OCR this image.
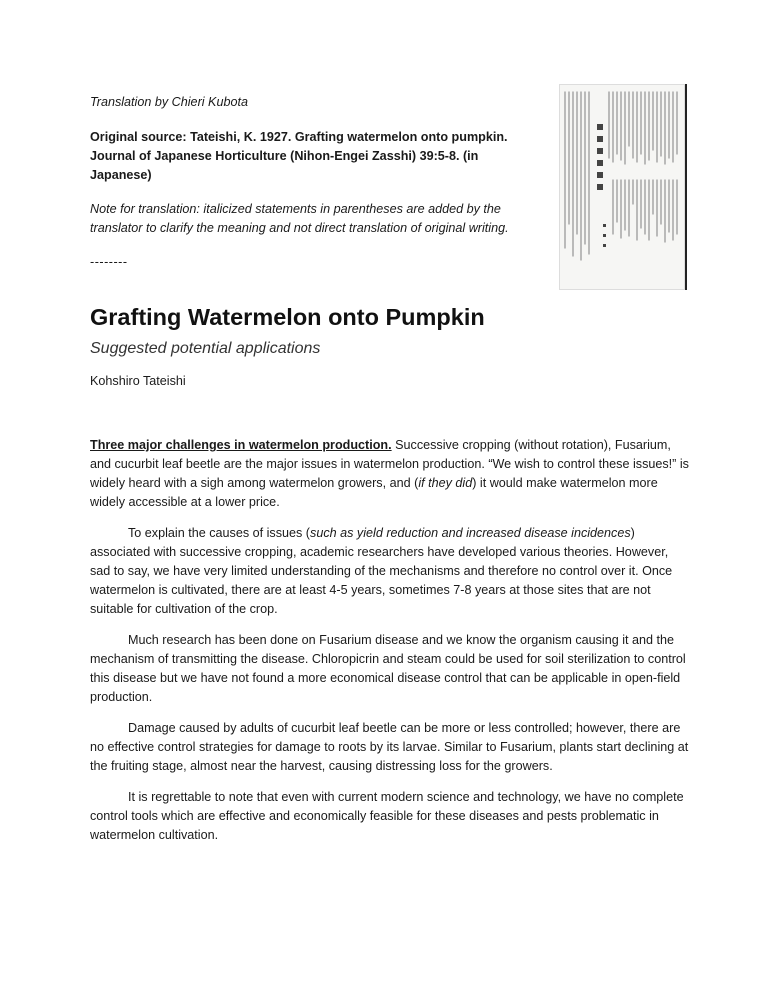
Translation by Chieri Kubota

Original source: Tateishi, K. 1927. Grafting watermelon onto pumpkin.
Journal of Japanese Horticulture (Nihon-Engei Zasshi) 39:5-8. (in Japanese)

Note for translation: italicized statements in parentheses are added by the translator to clarify the meaning and not direct translation of original writing.

--------

Grafting Watermelon onto Pumpkin

Suggested potential applications

Kohshiro Tateishi

Three major challenges in watermelon production. Successive cropping (without rotation), Fusarium, and cucurbit leaf beetle are the major issues in watermelon production. “We wish to control these issues!” is widely heard with a sigh among watermelon growers, and (if they did) it would make watermelon more widely accessible at a lower price.

To explain the causes of issues (such as yield reduction and increased disease incidences) associated with successive cropping, academic researchers have developed various theories. However, sad to say, we have very limited understanding of the mechanisms and therefore no control over it. Once watermelon is cultivated, there are at least 4-5 years, sometimes 7-8 years at those sites that are not suitable for cultivation of the crop.

Much research has been done on Fusarium disease and we know the organism causing it and the mechanism of transmitting the disease. Chloropicrin and steam could be used for soil sterilization to control this disease but we have not found a more economical disease control that can be applicable in open-field production.

Damage caused by adults of cucurbit leaf beetle can be more or less controlled; however, there are no effective control strategies for damage to roots by its larvae. Similar to Fusarium, plants start declining at the fruiting stage, almost near the harvest, causing distressing loss for the growers.

It is regrettable to note that even with current modern science and technology, we have no complete control tools which are effective and economically feasible for these diseases and pests problematic in watermelon cultivation.
